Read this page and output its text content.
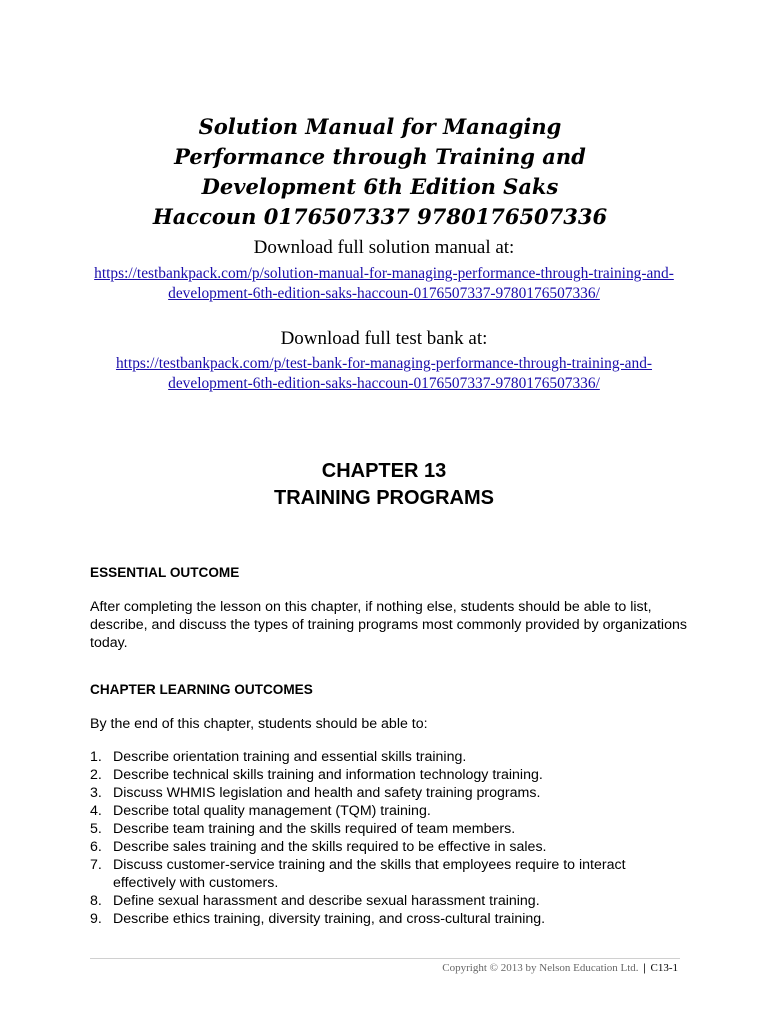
Solution Manual for Managing Performance through Training and Development 6th Edition Saks Haccoun 0176507337 9780176507336

Download full solution manual at:

https://testbankpack.com/p/solution-manual-for-managing-performance-through-training-and-development-6th-edition-saks-haccoun-0176507337-9780176507336/

Download full test bank at:

https://testbankpack.com/p/test-bank-for-managing-performance-through-training-and-development-6th-edition-saks-haccoun-0176507337-9780176507336/
CHAPTER 13
TRAINING PROGRAMS
ESSENTIAL OUTCOME

After completing the lesson on this chapter, if nothing else, students should be able to list, describe, and discuss the types of training programs most commonly provided by organizations today.

CHAPTER LEARNING OUTCOMES

By the end of this chapter, students should be able to:

1. Describe orientation training and essential skills training.
2. Describe technical skills training and information technology training.
3. Discuss WHMIS legislation and health and safety training programs.
4. Describe total quality management (TQM) training.
5. Describe team training and the skills required of team members.
6. Describe sales training and the skills required to be effective in sales.
7. Discuss customer-service training and the skills that employees require to interact effectively with customers.
8. Define sexual harassment and describe sexual harassment training.
9. Describe ethics training, diversity training, and cross-cultural training.
Copyright © 2013 by Nelson Education Ltd. | C13-1
